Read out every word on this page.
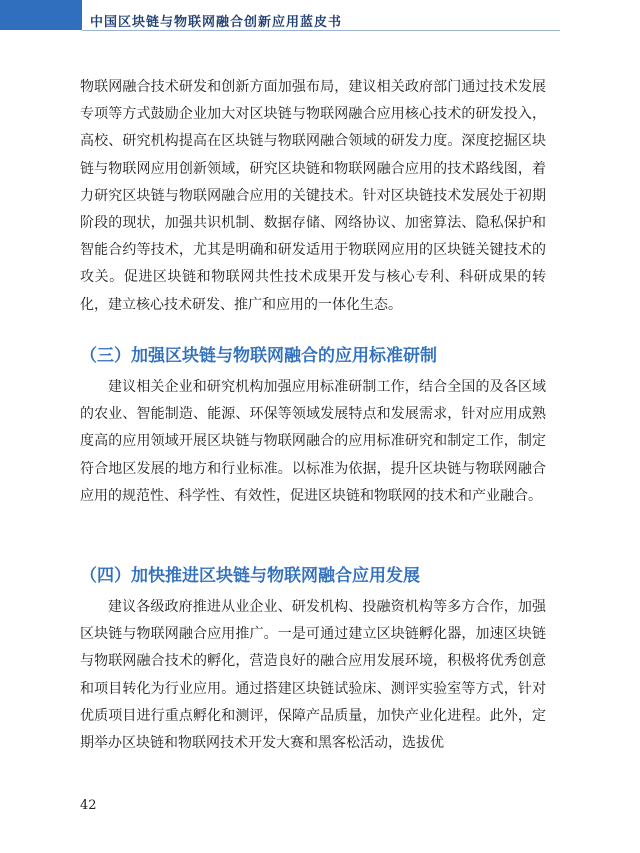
中国区块链与物联网融合创新应用蓝皮书

物联网融合技术研发和创新方面加强布局，建议相关政府部门通过技术发展专项等方式鼓励企业加大对区块链与物联网融合应用核心技术的研发投入，高校、研究机构提高在区块链与物联网融合领域的研发力度。深度挖掘区块链与物联网应用创新领域，研究区块链和物联网融合应用的技术路线图，着力研究区块链与物联网融合应用的关键技术。针对区块链技术发展处于初期阶段的现状，加强共识机制、数据存储、网络协议、加密算法、隐私保护和智能合约等技术，尤其是明确和研发适用于物联网应用的区块链关键技术的攻关。促进区块链和物联网共性技术成果开发与核心专利、科研成果的转化，建立核心技术研发、推广和应用的一体化生态。

（三）加强区块链与物联网融合的应用标准研制

建议相关企业和研究机构加强应用标准研制工作，结合全国的及各区域的农业、智能制造、能源、环保等领域发展特点和发展需求，针对应用成熟度高的应用领域开展区块链与物联网融合的应用标准研究和制定工作，制定符合地区发展的地方和行业标准。以标准为依据，提升区块链与物联网融合应用的规范性、科学性、有效性，促进区块链和物联网的技术和产业融合。

（四）加快推进区块链与物联网融合应用发展

建议各级政府推进从业企业、研发机构、投融资机构等多方合作，加强区块链与物联网融合应用推广。一是可通过建立区块链孵化器，加速区块链与物联网融合技术的孵化，营造良好的融合应用发展环境，积极将优秀创意和项目转化为行业应用。通过搭建区块链试验床、测评实验室等方式，针对优质项目进行重点孵化和测评，保障产品质量，加快产业化进程。此外，定期举办区块链和物联网技术开发大赛和黑客松活动，选拔优

42
